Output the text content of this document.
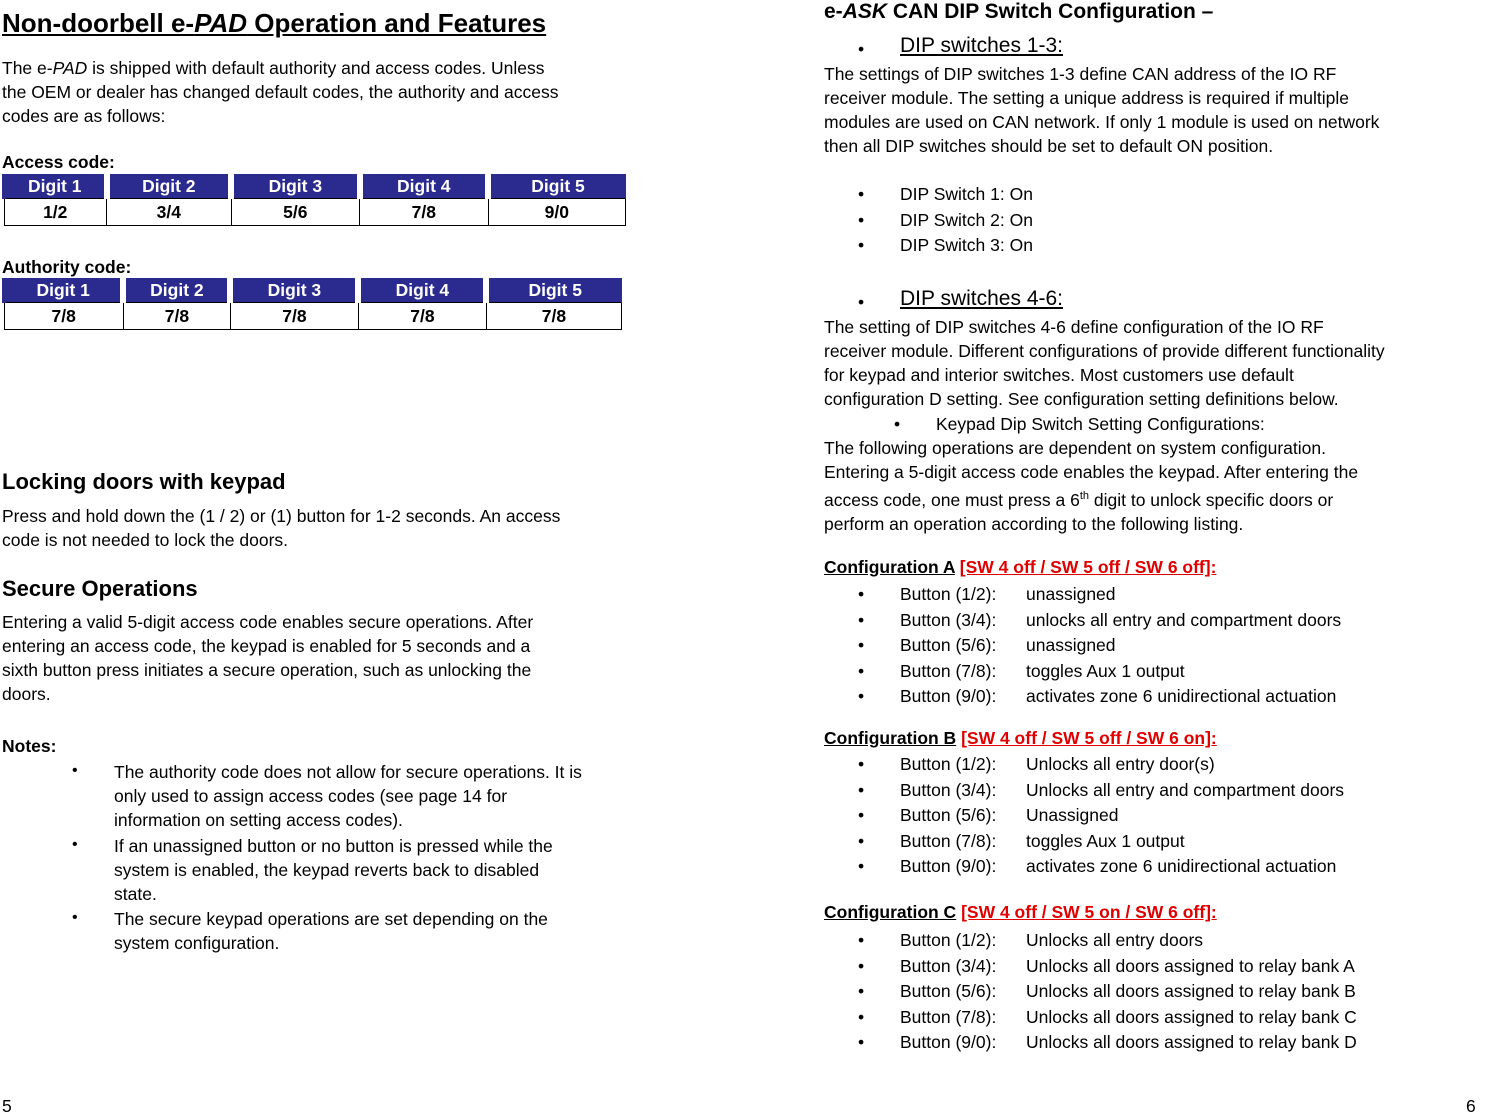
Non-doorbell e-PAD Operation and Features
The e-PAD is shipped with default authority and access codes. Unless
the OEM or dealer has changed default codes, the authority and access
codes are as follows:
Access code:
Digit 1	Digit 2	Digit 3	Digit 4	Digit 5
1/2	3/4	5/6	7/8	9/0
Authority code:
Digit 1	Digit 2	Digit 3	Digit 4	Digit 5
7/8	7/8	7/8	7/8	7/8
Locking doors with keypad
Press and hold down the (1 / 2) or (1) button for 1-2 seconds. An access
code is not needed to lock the doors.
Secure Operations
Entering a valid 5-digit access code enables secure operations. After
entering an access code, the keypad is enabled for 5 seconds and a
sixth button press initiates a secure operation, such as unlocking the
doors.
Notes:
• The authority code does not allow for secure operations. It is
only used to assign access codes (see page 14 for
information on setting access codes).
• If an unassigned button or no button is pressed while the
system is enabled, the keypad reverts back to disabled
state.
• The secure keypad operations are set depending on the
system configuration.
5
e-ASK CAN DIP Switch Configuration –
• DIP switches 1-3:
The settings of DIP switches 1-3 define CAN address of the IO RF
receiver module. The setting a unique address is required if multiple
modules are used on CAN network. If only 1 module is used on network
then all DIP switches should be set to default ON position.
• DIP Switch 1: On
• DIP Switch 2: On
• DIP Switch 3: On
• DIP switches 4-6:
The setting of DIP switches 4-6 define configuration of the IO RF
receiver module. Different configurations of provide different functionality
for keypad and interior switches. Most customers use default
configuration D setting. See configuration setting definitions below.
• Keypad Dip Switch Setting Configurations:
The following operations are dependent on system configuration.
Entering a 5-digit access code enables the keypad. After entering the
access code, one must press a 6th digit to unlock specific doors or
perform an operation according to the following listing.
Configuration A [SW 4 off / SW 5 off / SW 6 off]:
• Button (1/2): unassigned
• Button (3/4): unlocks all entry and compartment doors
• Button (5/6): unassigned
• Button (7/8): toggles Aux 1 output
• Button (9/0): activates zone 6 unidirectional actuation
Configuration B [SW 4 off / SW 5 off / SW 6 on]:
• Button (1/2): Unlocks all entry door(s)
• Button (3/4): Unlocks all entry and compartment doors
• Button (5/6): Unassigned
• Button (7/8): toggles Aux 1 output
• Button (9/0): activates zone 6 unidirectional actuation
Configuration C [SW 4 off / SW 5 on / SW 6 off]:
• Button (1/2): Unlocks all entry doors
• Button (3/4): Unlocks all doors assigned to relay bank A
• Button (5/6): Unlocks all doors assigned to relay bank B
• Button (7/8): Unlocks all doors assigned to relay bank C
• Button (9/0): Unlocks all doors assigned to relay bank D
6
